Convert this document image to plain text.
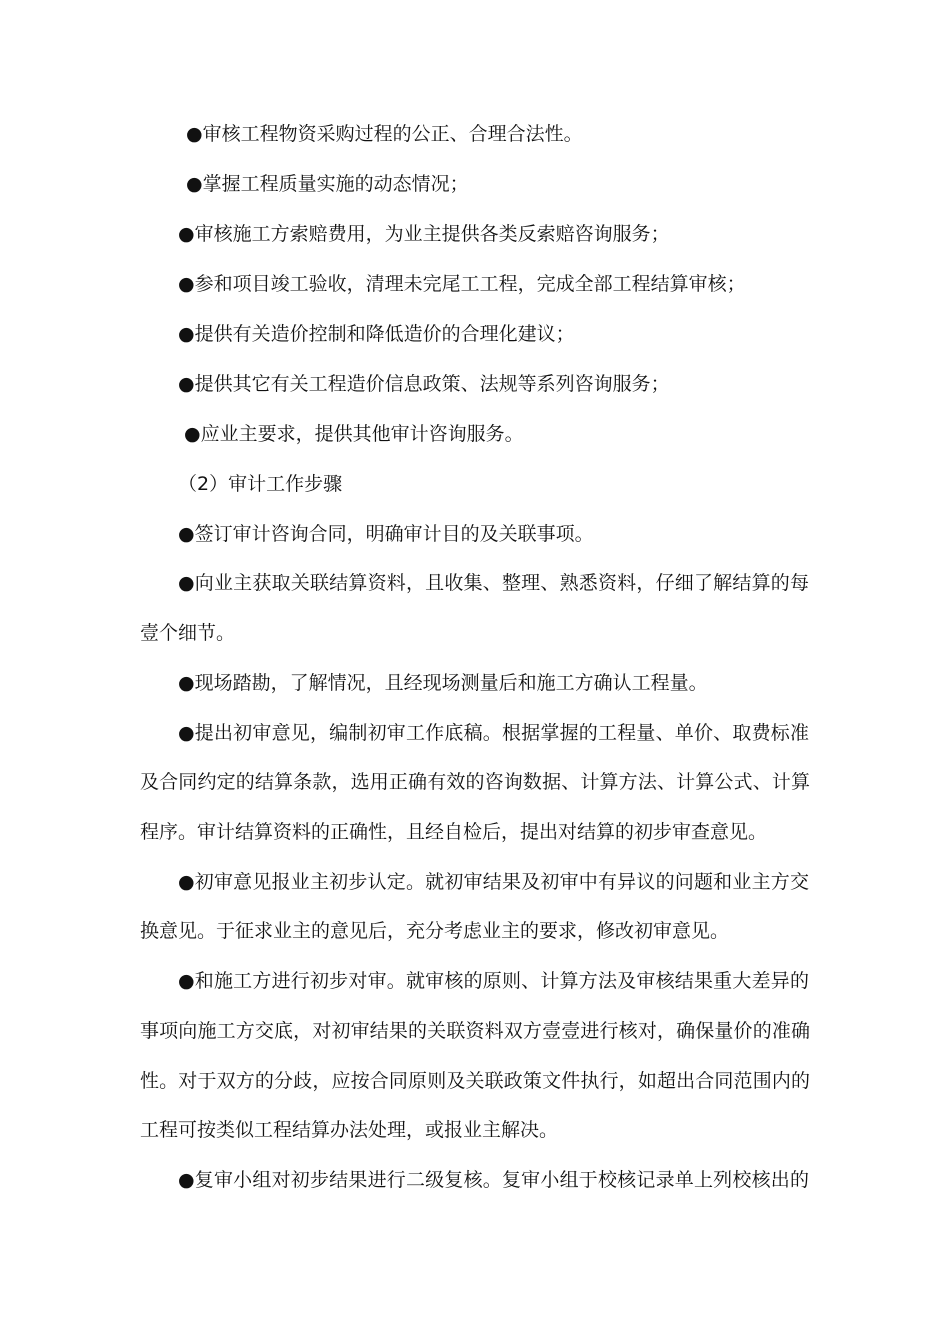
●审核工程物资采购过程的公正、合理合法性。
●掌握工程质量实施的动态情况；
●审核施工方索赔费用，为业主提供各类反索赔咨询服务；
●参和项目竣工验收，清理未完尾工工程，完成全部工程结算审核；
●提供有关造价控制和降低造价的合理化建议；
●提供其它有关工程造价信息政策、法规等系列咨询服务；
●应业主要求，提供其他审计咨询服务。
（2）审计工作步骤
●签订审计咨询合同，明确审计目的及关联事项。
●向业主获取关联结算资料，且收集、整理、熟悉资料，仔细了解结算的每
壹个细节。
●现场踏勘，了解情况，且经现场测量后和施工方确认工程量。
●提出初审意见，编制初审工作底稿。根据掌握的工程量、单价、取费标准
及合同约定的结算条款，选用正确有效的咨询数据、计算方法、计算公式、计算
程序。审计结算资料的正确性，且经自检后，提出对结算的初步审查意见。
●初审意见报业主初步认定。就初审结果及初审中有异议的问题和业主方交
换意见。于征求业主的意见后，充分考虑业主的要求，修改初审意见。
●和施工方进行初步对审。就审核的原则、计算方法及审核结果重大差异的
事项向施工方交底，对初审结果的关联资料双方壹壹进行核对，确保量价的准确
性。对于双方的分歧，应按合同原则及关联政策文件执行，如超出合同范围内的
工程可按类似工程结算办法处理，或报业主解决。
●复审小组对初步结果进行二级复核。复审小组于校核记录单上列校核出的
